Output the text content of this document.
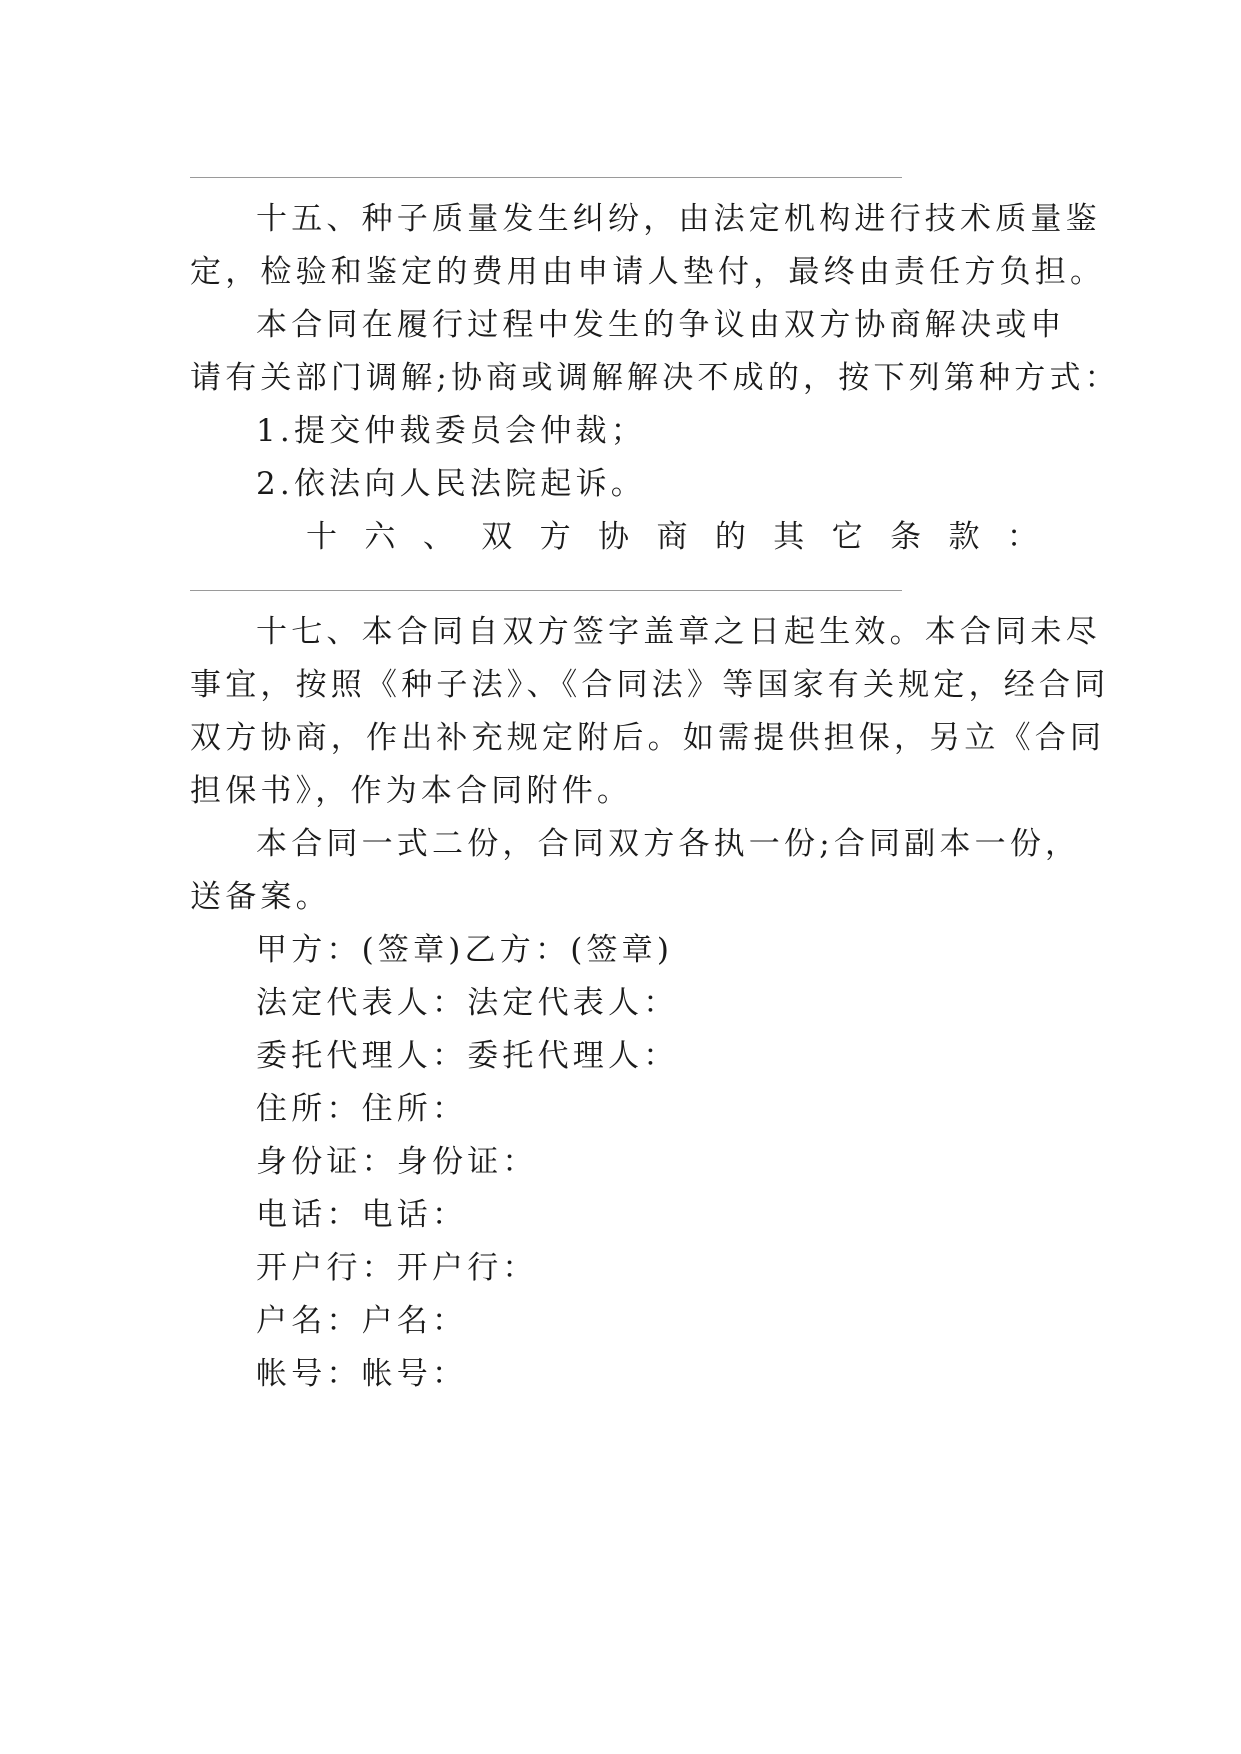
十五、种子质量发生纠纷，由法定机构进行技术质量鉴
定，检验和鉴定的费用由申请人垫付，最终由责任方负担。
本合同在履行过程中发生的争议由双方协商解决或申
请有关部门调解;协商或调解解决不成的，按下列第种方式：
1.提交仲裁委员会仲裁；
2.依法向人民法院起诉。
十 六 、 双 方 协 商 的 其 它 条 款 ：
十七、本合同自双方签字盖章之日起生效。本合同未尽
事宜，按照《种子法》、《合同法》等国家有关规定，经合同
双方协商，作出补充规定附后。如需提供担保，另立《合同
担保书》，作为本合同附件。
本合同一式二份，合同双方各执一份;合同副本一份，
送备案。
甲方：(签章)乙方：(签章)
法定代表人：法定代表人：
委托代理人：委托代理人：
住所：住所：
身份证：身份证：
电话：电话：
开户行：开户行：
户名：户名：
帐号：帐号：
